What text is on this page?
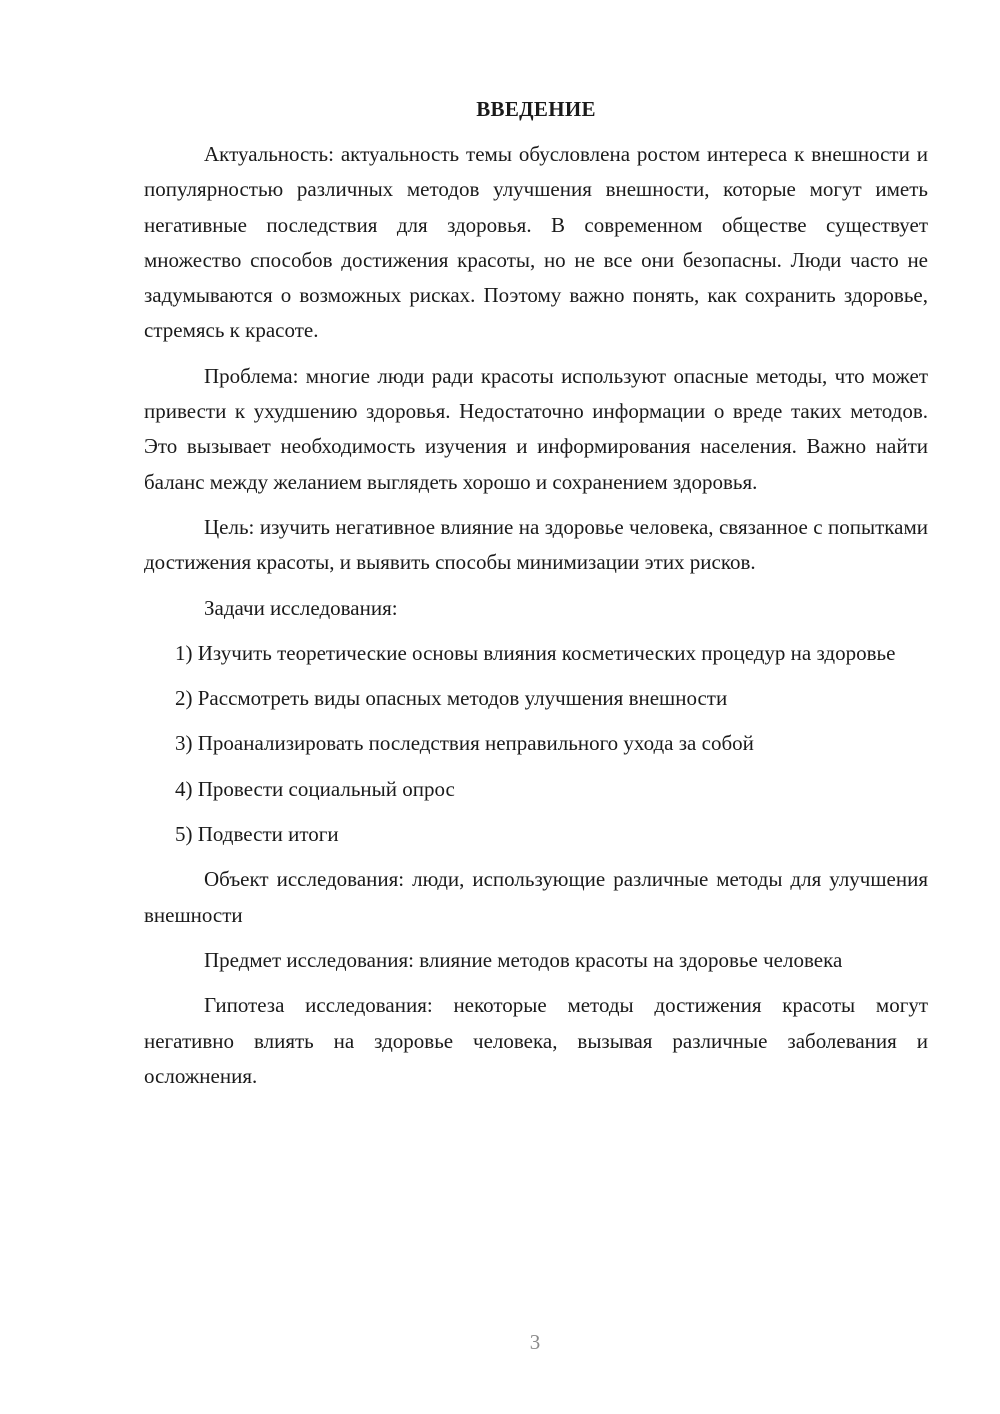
ВВЕДЕНИЕ

Актуальность: актуальность темы обусловлена ростом интереса к внешности и популярностью различных методов улучшения внешности, которые могут иметь негативные последствия для здоровья. В современном обществе существует множество способов достижения красоты, но не все они безопасны. Люди часто не задумываются о возможных рисках. Поэтому важно понять, как сохранить здоровье, стремясь к красоте.

Проблема: многие люди ради красоты используют опасные методы, что может привести к ухудшению здоровья. Недостаточно информации о вреде таких методов. Это вызывает необходимость изучения и информирования населения. Важно найти баланс между желанием выглядеть хорошо и сохранением здоровья.

Цель: изучить негативное влияние на здоровье человека, связанное с попытками достижения красоты, и выявить способы минимизации этих рисков.

Задачи исследования:

1) Изучить теоретические основы влияния косметических процедур на здоровье

2) Рассмотреть виды опасных методов улучшения внешности

3) Проанализировать последствия неправильного ухода за собой

4) Провести социальный опрос

5) Подвести итоги

Объект исследования: люди, использующие различные методы для улучшения внешности

Предмет исследования: влияние методов красоты на здоровье человека

Гипотеза исследования: некоторые методы достижения красоты могут негативно влиять на здоровье человека, вызывая различные заболевания и осложнения.

3
